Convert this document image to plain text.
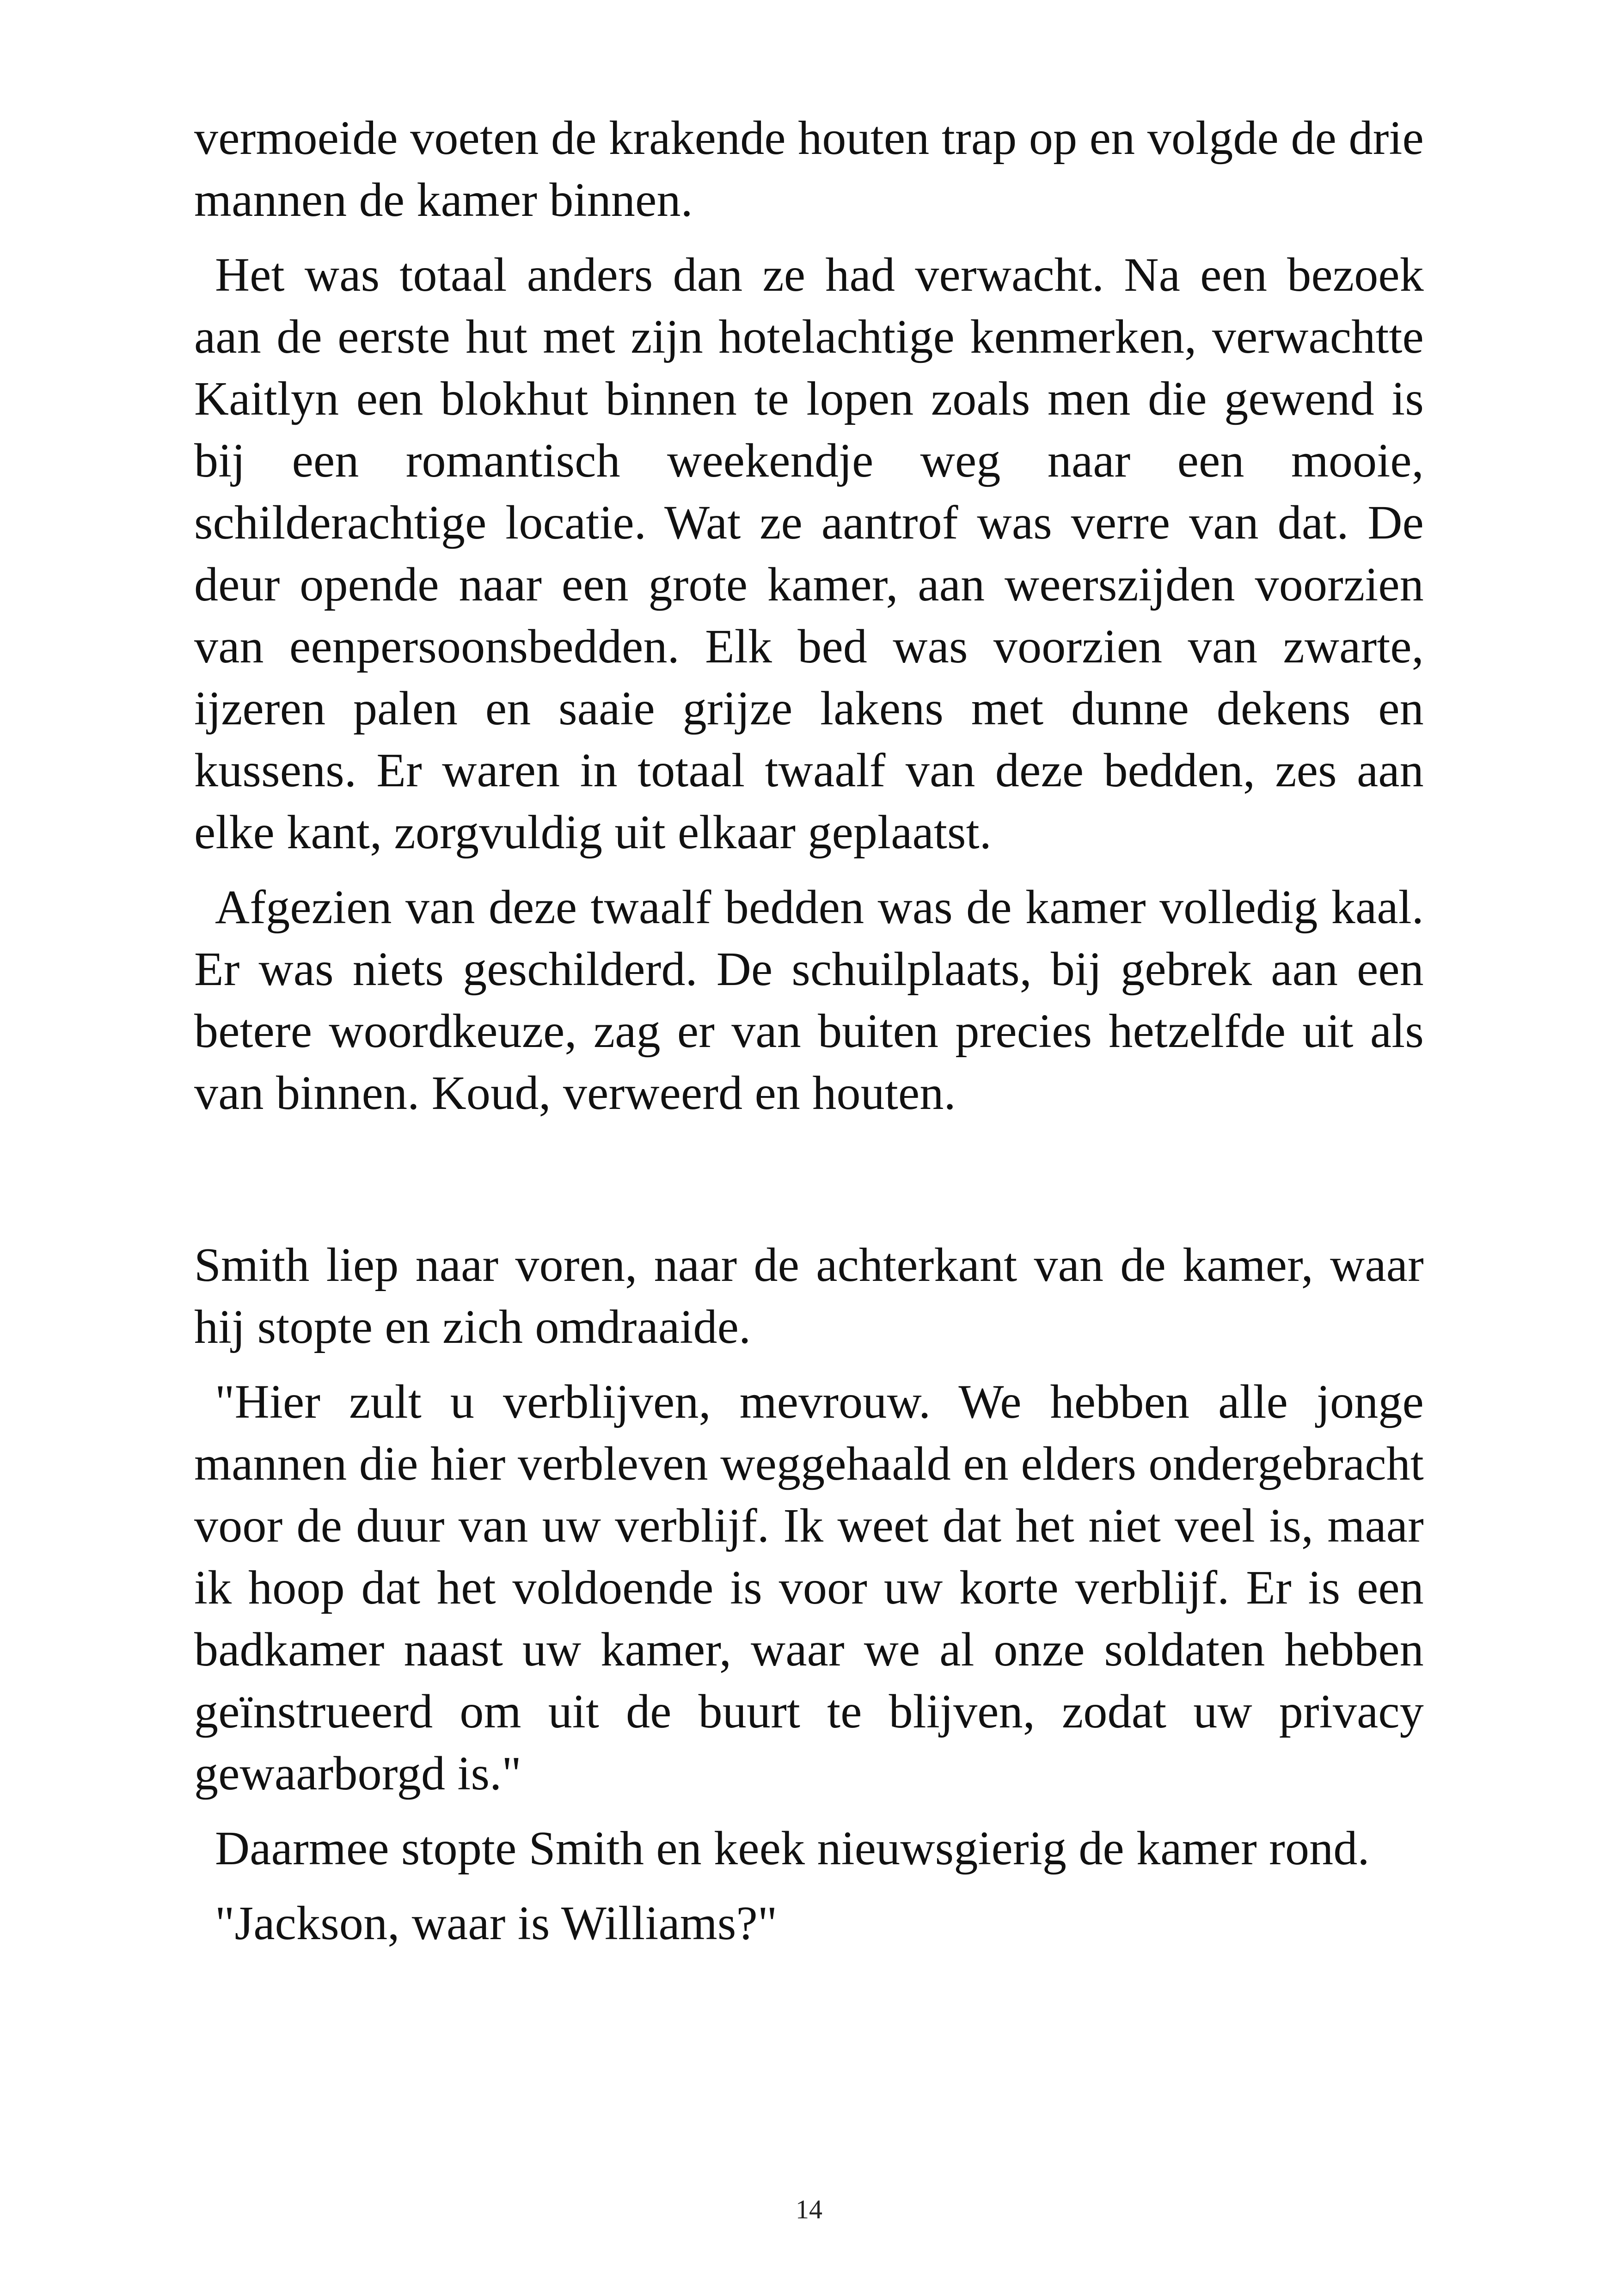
vermoeide voeten de krakende houten trap op en volgde de drie mannen de kamer binnen.

Het was totaal anders dan ze had verwacht. Na een bezoek aan de eerste hut met zijn hotelachtige kenmerken, verwachtte Kaitlyn een blokhut binnen te lopen zoals men die gewend is bij een romantisch weekendje weg naar een mooie, schilderachtige locatie. Wat ze aantrof was verre van dat. De deur opende naar een grote kamer, aan weerszijden voorzien van eenpersoonsbedden. Elk bed was voorzien van zwarte, ijzeren palen en saaie grijze lakens met dunne dekens en kussens. Er waren in totaal twaalf van deze bedden, zes aan elke kant, zorgvuldig uit elkaar geplaatst.

Afgezien van deze twaalf bedden was de kamer volledig kaal. Er was niets geschilderd. De schuilplaats, bij gebrek aan een betere woordkeuze, zag er van buiten precies hetzelfde uit als van binnen. Koud, verweerd en houten.

Smith liep naar voren, naar de achterkant van de kamer, waar hij stopte en zich omdraaide.

"Hier zult u verblijven, mevrouw. We hebben alle jonge mannen die hier verbleven weggehaald en elders ondergebracht voor de duur van uw verblijf. Ik weet dat het niet veel is, maar ik hoop dat het voldoende is voor uw korte verblijf. Er is een badkamer naast uw kamer, waar we al onze soldaten hebben geïnstrueerd om uit de buurt te blijven, zodat uw privacy gewaarborgd is."

Daarmee stopte Smith en keek nieuwsgierig de kamer rond.

"Jackson, waar is Williams?"

14
